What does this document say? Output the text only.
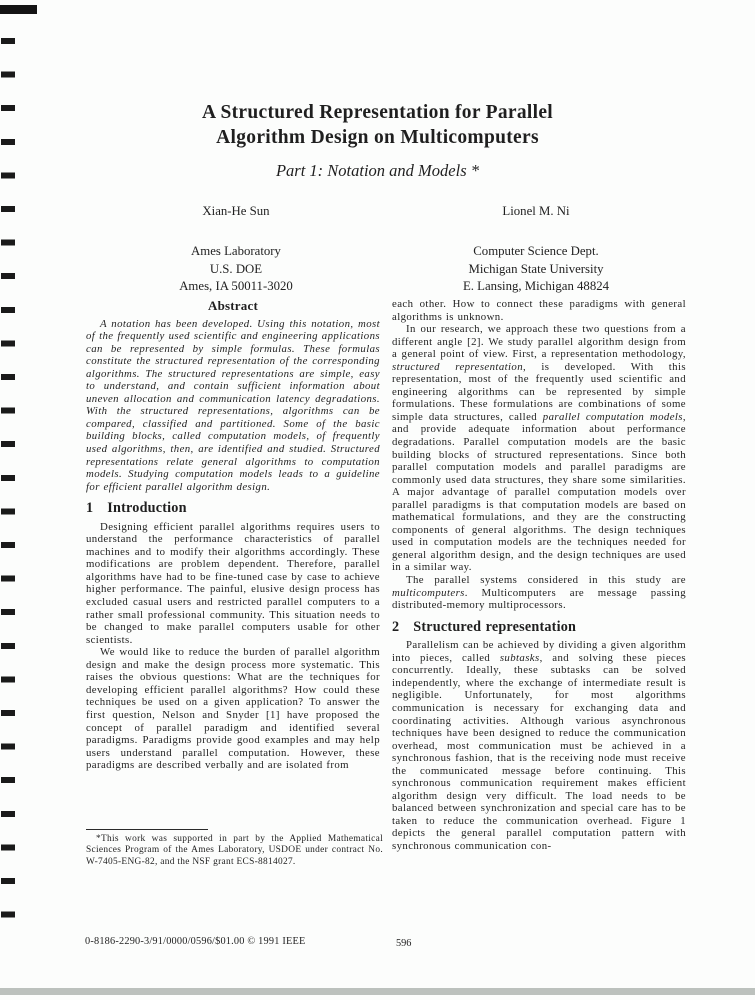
A Structured Representation for Parallel
Algorithm Design on Multicomputers
Part 1: Notation and Models *
Xian-He Sun
Ames Laboratory
U.S. DOE
Ames, IA 50011-3020
Lionel M. Ni
Computer Science Dept.
Michigan State University
E. Lansing, Michigan 48824
Abstract

A notation has been developed. Using this notation, most of the frequently used scientific and engineering applications can be represented by simple formulas. These formulas constitute the structured representation of the corresponding algorithms. The structured representations are simple, easy to understand, and contain sufficient information about uneven allocation and communication latency degradations. With the structured representations, algorithms can be compared, classified and partitioned. Some of the basic building blocks, called computation models, of frequently used algorithms, then, are identified and studied. Structured representations relate general algorithms to computation models. Studying computation models leads to a guideline for efficient parallel algorithm design.

1 Introduction

Designing efficient parallel algorithms requires users to understand the performance characteristics of parallel machines and to modify their algorithms accordingly. These modifications are problem dependent. Therefore, parallel algorithms have had to be fine-tuned case by case to achieve higher performance. The painful, elusive design process has excluded casual users and restricted parallel computers to a rather small professional community. This situation needs to be changed to make parallel computers usable for other scientists.

We would like to reduce the burden of parallel algorithm design and make the design process more systematic. This raises the obvious questions: What are the techniques for developing efficient parallel algorithms? How could these techniques be used on a given application? To answer the first question, Nelson and Snyder [1] have proposed the concept of parallel paradigm and identified several paradigms. Paradigms provide good examples and may help users understand parallel computation. However, these paradigms are described verbally and are isolated from

each other. How to connect these paradigms with general algorithms is unknown.

In our research, we approach these two questions from a different angle [2]. We study parallel algorithm design from a general point of view. First, a representation methodology, structured representation, is developed. With this representation, most of the frequently used scientific and engineering algorithms can be represented by simple formulations. These formulations are combinations of some simple data structures, called parallel computation models, and provide adequate information about performance degradations. Parallel computation models are the basic building blocks of structured representations. Since both parallel computation models and parallel paradigms are commonly used data structures, they share some similarities. A major advantage of parallel computation models over parallel paradigms is that computation models are based on mathematical formulations, and they are the constructing components of general algorithms. The design techniques used in computation models are the techniques needed for general algorithm design, and the design techniques are used in a similar way.

The parallel systems considered in this study are multicomputers. Multicomputers are message passing distributed-memory multiprocessors.

2 Structured representation

Parallelism can be achieved by dividing a given algorithm into pieces, called subtasks, and solving these pieces concurrently. Ideally, these subtasks can be solved independently, where the exchange of intermediate result is negligible. Unfortunately, for most algorithms communication is necessary for exchanging data and coordinating activities. Although various asynchronous techniques have been designed to reduce the communication overhead, most communication must be achieved in a synchronous fashion, that is the receiving node must receive the communicated message before continuing. This synchronous communication requirement makes efficient algorithm design very difficult. The load needs to be balanced between synchronization and special care has to be taken to reduce the communication overhead. Figure 1 depicts the general parallel computation pattern with synchronous communication con-

*This work was supported in part by the Applied Mathematical Sciences Program of the Ames Laboratory, USDOE under contract No. W-7405-ENG-82, and the NSF grant ECS-8814027.

0-8186-2290-3/91/0000/0596/$01.00 © 1991 IEEE	596
